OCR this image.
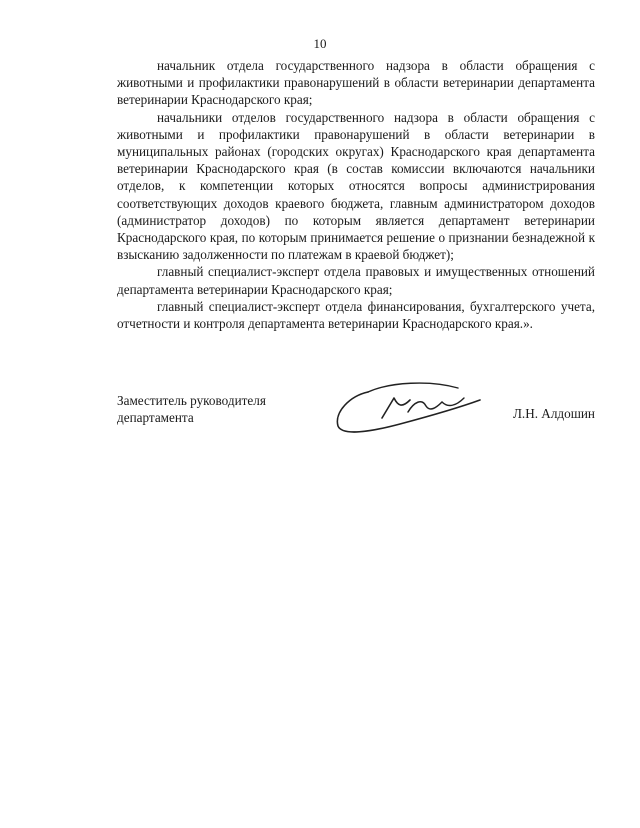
10

начальник отдела государственного надзора в области обращения с животными и профилактики правонарушений в области ветеринарии департамента ветеринарии Краснодарского края;

начальники отделов государственного надзора в области обращения с животными и профилактики правонарушений в области ветеринарии в муниципальных районах (городских округах) Краснодарского края департамента ветеринарии Краснодарского края (в состав комиссии включаются начальники отделов, к компетенции которых относятся вопросы администрирования соответствующих доходов краевого бюджета, главным администратором доходов (администратор доходов) по которым является департамент ветеринарии Краснодарского края, по которым принимается решение о признании безнадежной к взысканию задолженности по платежам в краевой бюджет);

главный специалист-эксперт отдела правовых и имущественных отношений департамента ветеринарии Краснодарского края;

главный специалист-эксперт отдела финансирования, бухгалтерского учета, отчетности и контроля департамента ветеринарии Краснодарского края.».

Заместитель руководителя
департамента	Л.Н. Алдошин
